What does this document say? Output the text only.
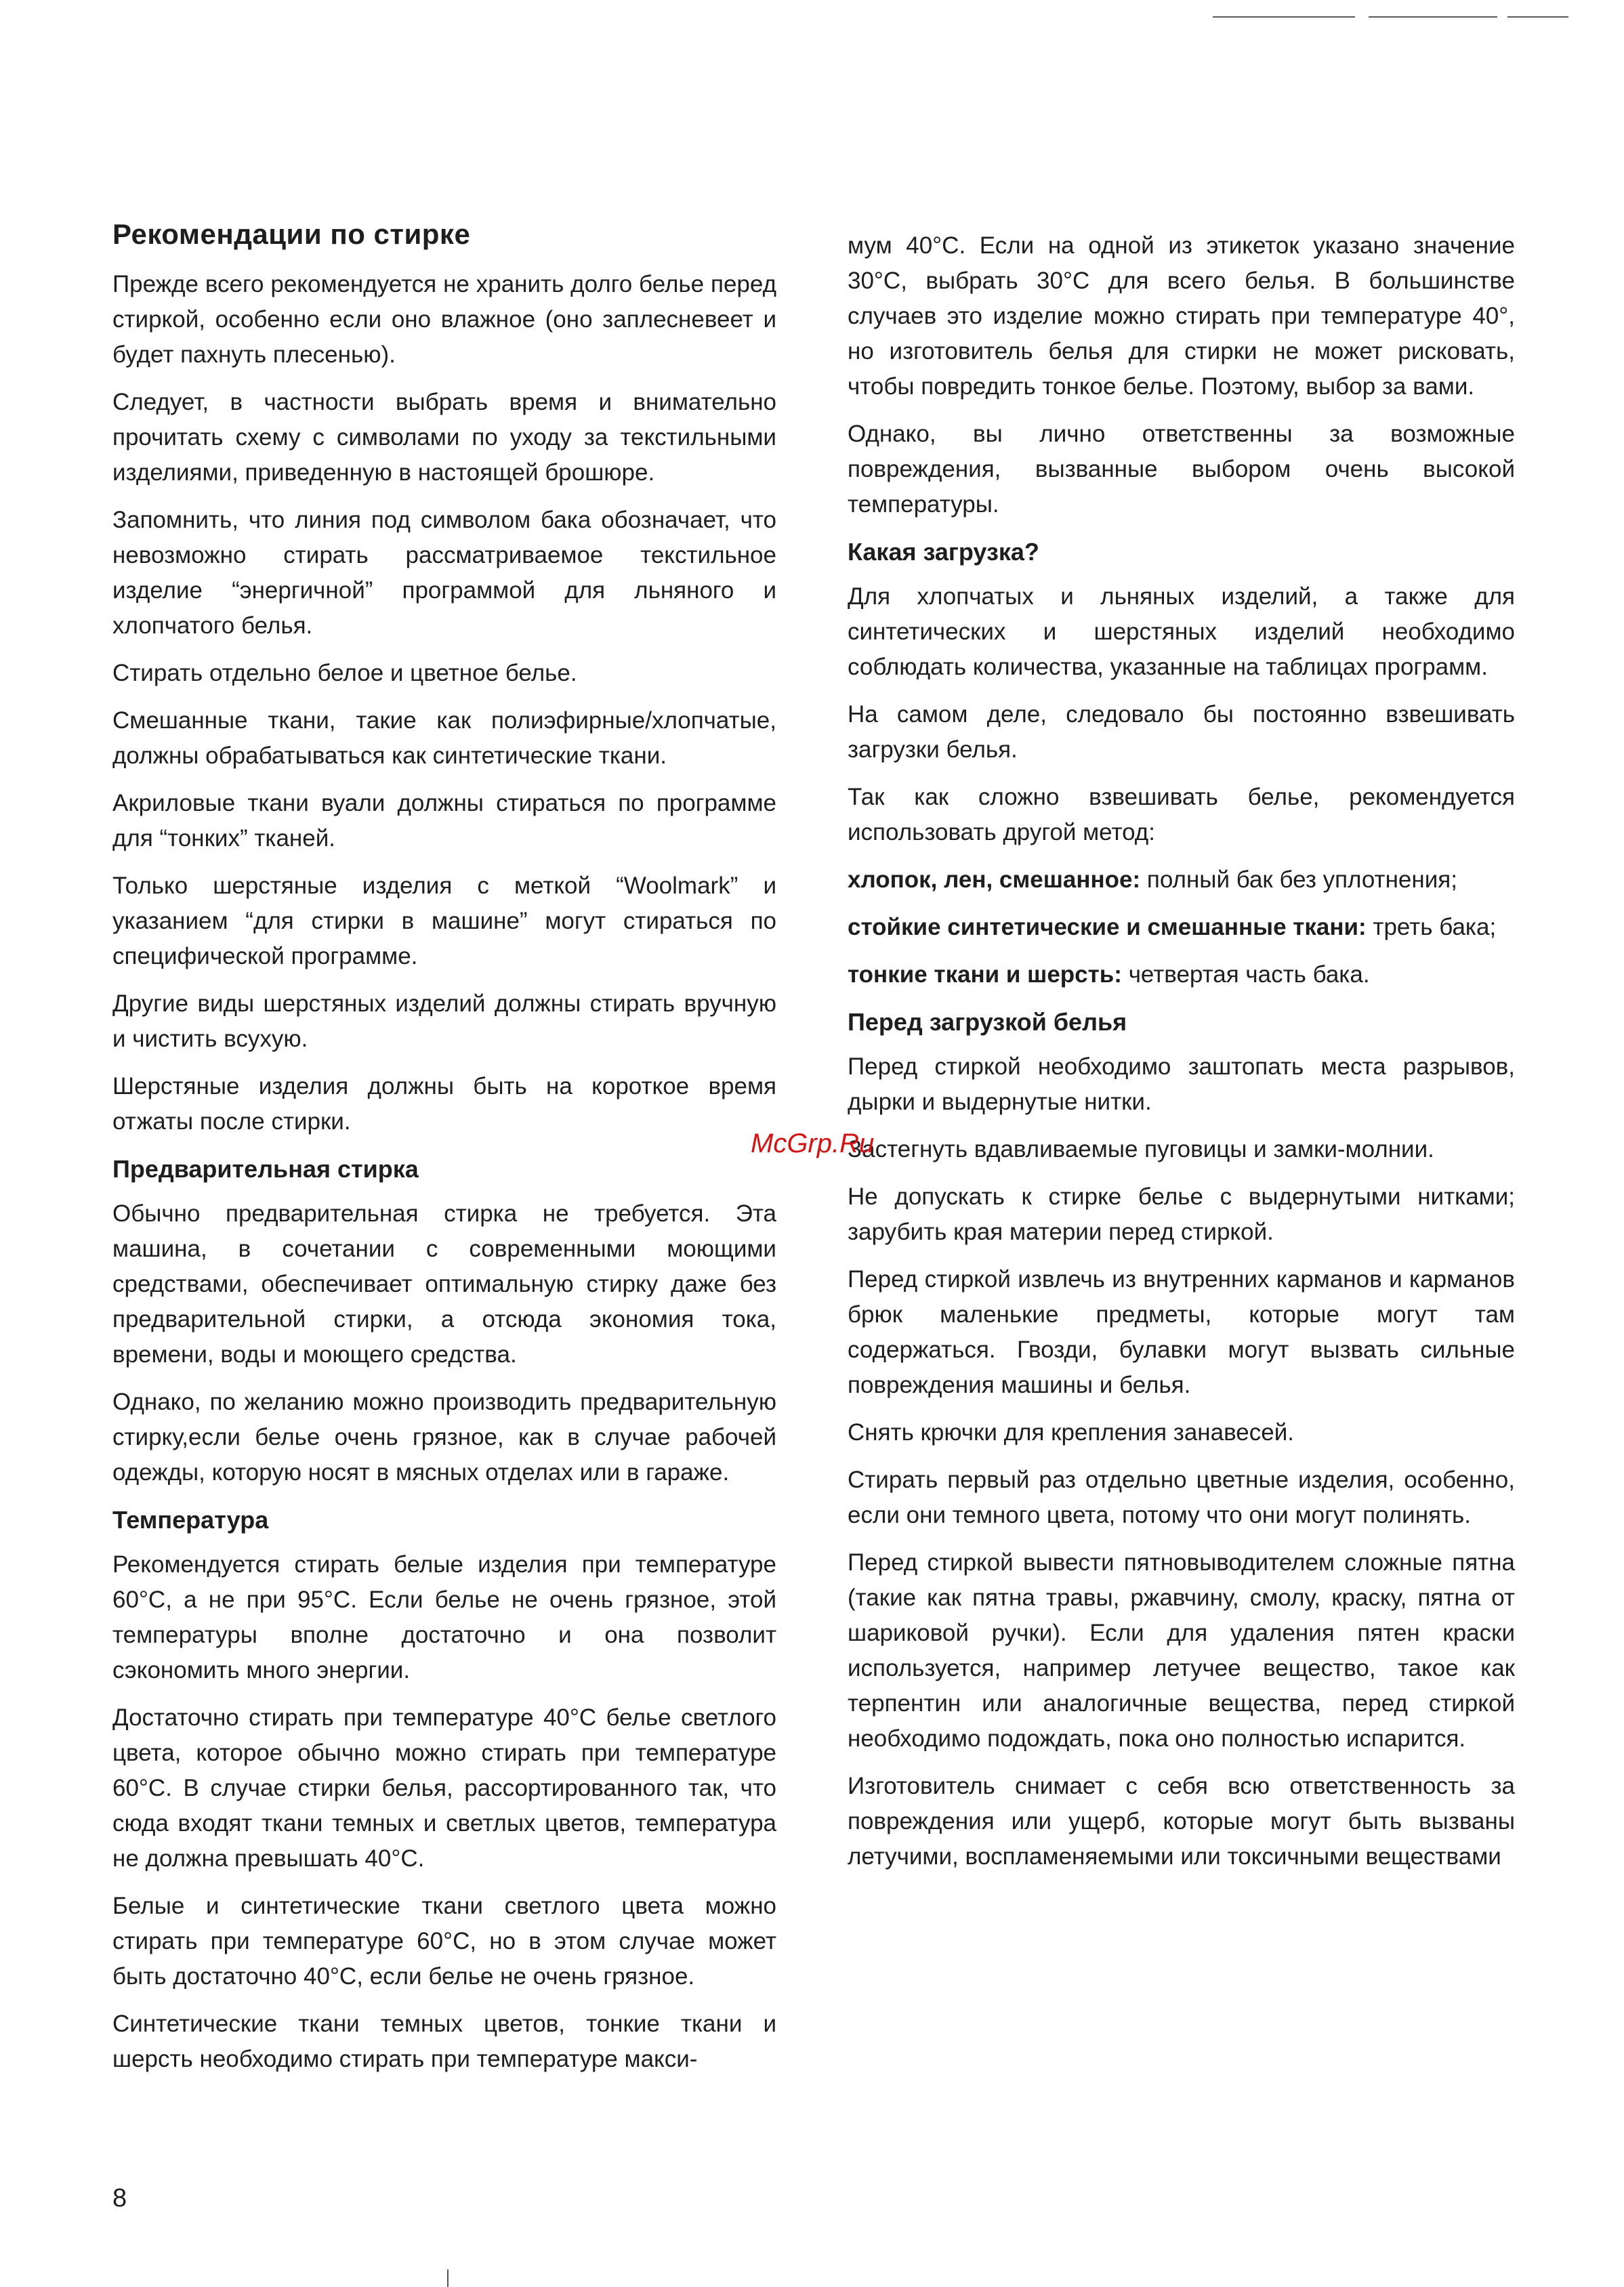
Рекомендации по стирке

Прежде всего рекомендуется не хранить долго белье перед стиркой, особенно если оно влажное (оно заплесневеет и будет пахнуть плесенью).

Следует, в частности выбрать время и внимательно прочитать схему с символами по уходу за текстильными изделиями, приведенную в настоящей брошюре.

Запомнить, что линия под символом бака обозначает, что невозможно стирать рассматриваемое текстильное изделие “энергичной” программой для льняного и хлопчатого белья.

Стирать отдельно белое и цветное белье.

Смешанные ткани, такие как полиэфирные/хлопчатые, должны обрабатываться как синтетические ткани.

Акриловые ткани вуали должны стираться по программе для “тонких” тканей.

Только шерстяные изделия с меткой “Woolmark” и указанием “для стирки в машине” могут стираться по специфической программе.

Другие виды шерстяных изделий должны стирать вручную и чистить всухую.

Шерстяные изделия должны быть на короткое время отжаты после стирки.

Предварительная стирка

Обычно предварительная стирка не требуется. Эта машина, в сочетании с современными моющими средствами, обеспечивает оптимальную стирку даже без предварительной стирки, а отсюда экономия тока, времени, воды и моющего средства.

Однако, по желанию можно производить предварительную стирку,если белье очень грязное, как в случае рабочей одежды, которую носят в мясных отделах или в гараже.

Температура

Рекомендуется стирать белые изделия при температуре 60°С, а не при 95°С. Если белье не очень грязное, этой температуры вполне достаточно и она позволит сэкономить много энергии.

Достаточно стирать при температуре 40°С белье светлого цвета, которое обычно можно стирать при температуре 60°С. В случае стирки белья, рассортированного так, что сюда входят ткани темных и светлых цветов, температура не должна превышать 40°С.

Белые и синтетические ткани светлого цвета можно стирать при температуре 60°С, но в этом случае может быть достаточно 40°С, если белье не очень грязное.

Синтетические ткани темных цветов, тонкие ткани и шерсть необходимо стирать при температуре макси-

мум 40°С. Если на одной из этикеток указано значение 30°С, выбрать 30°С для всего белья. В большинстве случаев это изделие можно стирать при температуре 40°, но изготовитель белья для стирки не может рисковать, чтобы повредить тонкое белье. Поэтому, выбор за вами.

Однако, вы лично ответственны за возможные повреждения, вызванные выбором очень высокой температуры.

Какая загрузка?

Для хлопчатых и льняных изделий, а также для синтетических и шерстяных изделий необходимо соблюдать количества, указанные на таблицах программ.

На самом деле, следовало бы постоянно взвешивать загрузки белья.

Так как сложно взвешивать белье, рекомендуется использовать другой метод:

хлопок, лен, смешанное: полный бак без уплотнения;

стойкие синтетические и смешанные ткани: треть бака;

тонкие ткани и шерсть: четвертая часть бака.

Перед загрузкой белья

Перед стиркой необходимо заштопать места разрывов, дырки и выдернутые нитки.

Застегнуть вдавливаемые пуговицы и замки-молнии.

Не допускать к стирке белье с выдернутыми нитками; зарубить края материи перед стиркой.

Перед стиркой извлечь из внутренних карманов и карманов брюк маленькие предметы, которые могут там содержаться. Гвозди, булавки могут вызвать сильные повреждения машины и белья.

Снять крючки для крепления занавесей.

Стирать первый раз отдельно цветные изделия, особенно, если они темного цвета, потому что они могут полинять.

Перед стиркой вывести пятновыводителем сложные пятна (такие как пятна травы, ржавчину, смолу, краску, пятна от шариковой ручки). Если для удаления пятен краски используется, например летучее вещество, такое как терпентин или аналогичные вещества, перед стиркой необходимо подождать, пока оно полностью испарится.

Изготовитель снимает с себя всю ответственность за повреждения или ущерб, которые могут быть вызваны летучими, воспламеняемыми или токсичными веществами

McGrp.Ru
8
